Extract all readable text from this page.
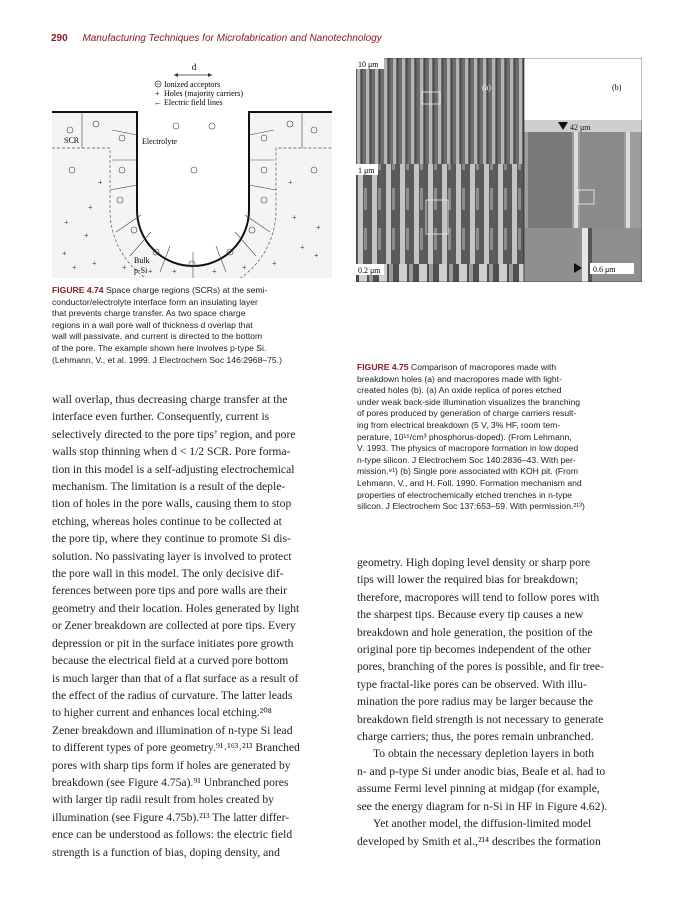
290 Manufacturing Techniques for Microfabrication and Nanotechnology
d
Ionized acceptors
+ Holes (majority carriers)
← Electric field lines
+
+
+
+	+	+	+	+	+
+
+
+
+
+	+
+
+	+
SCR	Electrolyte
Bulk
p-Si
FIGURE 4.74 Space charge regions (SCRs) at the semi-
conductor/electrolyte interface form an insulating layer
that prevents charge transfer. As two space charge
regions in a wall pore wall of thickness d overlap that
wall will passivate, and current is directed to the bottom
of the pore. The example shown here involves p-type Si.
(Lehmann, V., et al. 1999. J Electrochem Soc 146:2968–75.)
10 μm
(a)
1 μm
0.2 μm
(b)
42 μm
0.6 μm
FIGURE 4.75 Comparison of macropores made with
breakdown holes (a) and macropores made with light-
created holes (b). (a) An oxide replica of pores etched
under weak back-side illumination visualizes the branching
of pores produced by generation of charge carriers result-
ing from electrical breakdown (5 V, 3% HF, room tem-
perature, 10¹⁵/cm³ phosphorus-doped). (From Lehmann,
V. 1993. The physics of macropore formation in low doped
n-type silicon. J Electrochem Soc 140:2836–43. With per-
mission.⁹¹) (b) Single pore associated with KOH pit. (From
Lehmann, V., and H. Foll. 1990. Formation mechanism and
properties of electrochemically etched trenches in n-type
silicon. J Electrochem Soc 137:653–59. With permission.²¹³)

wall overlap, thus decreasing charge transfer at the
interface even further. Consequently, current is
selectively directed to the pore tips’ region, and pore
walls stop thinning when d < 1/2 SCR. Pore forma-
tion in this model is a self-adjusting electrochemical
mechanism. The limitation is a result of the deple-
tion of holes in the pore walls, causing them to stop
etching, whereas holes continue to be collected at
the pore tip, where they continue to promote Si dis-
solution. No passivating layer is involved to protect
the pore wall in this model. The only decisive dif-
ferences between pore tips and pore walls are their
geometry and their location. Holes generated by light
or Zener breakdown are collected at pore tips. Every
depression or pit in the surface initiates pore growth
because the electrical field at a curved pore bottom
is much larger than that of a flat surface as a result of
the effect of the radius of curvature. The latter leads
to higher current and enhances local etching.²⁰⁸
Zener breakdown and illumination of n-type Si lead
to different types of pore geometry.⁹¹˒¹⁶³˒²¹³ Branched
pores with sharp tips form if holes are generated by
breakdown (see Figure 4.75a).⁹¹ Unbranched pores
with larger tip radii result from holes created by
illumination (see Figure 4.75b).²¹³ The latter differ-
ence can be understood as follows: the electric field
strength is a function of bias, doping density, and

geometry. High doping level density or sharp pore
tips will lower the required bias for breakdown;
therefore, macropores will tend to follow pores with
the sharpest tips. Because every tip causes a new
breakdown and hole generation, the position of the
original pore tip becomes independent of the other
pores, branching of the pores is possible, and fir tree-
type fractal-like pores can be observed. With illu-
mination the pore radius may be larger because the
breakdown field strength is not necessary to generate
charge carriers; thus, the pores remain unbranched.

To obtain the necessary depletion layers in both
n- and p-type Si under anodic bias, Beale et al. had to
assume Fermi level pinning at midgap (for example,
see the energy diagram for n-Si in HF in Figure 4.62).

Yet another model, the diffusion-limited model
developed by Smith et al.,²¹⁴ describes the formation
